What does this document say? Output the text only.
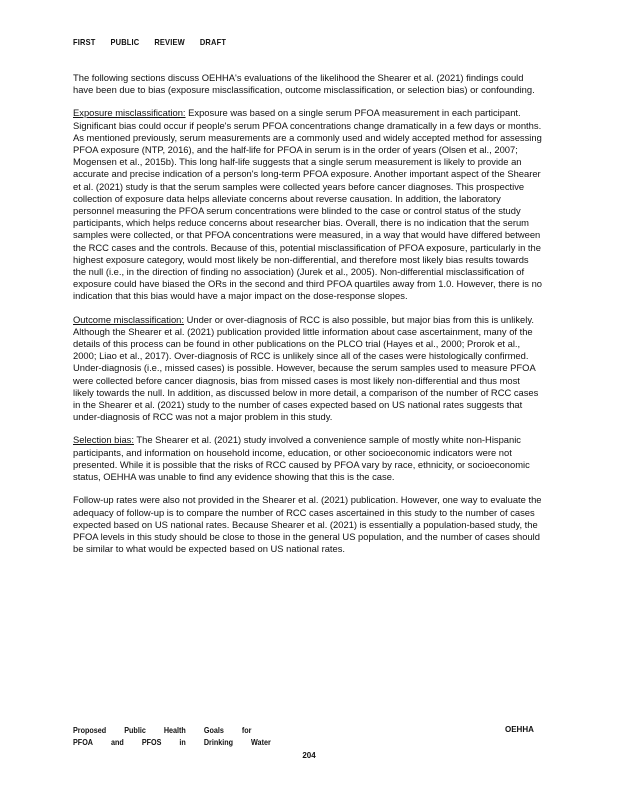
FIRST PUBLIC REVIEW DRAFT

The following sections discuss OEHHA's evaluations of the likelihood the Shearer et al. (2021) findings could have been due to bias (exposure misclassification, outcome misclassification, or selection bias) or confounding.

Exposure misclassification: Exposure was based on a single serum PFOA measurement in each participant. Significant bias could occur if people's serum PFOA concentrations change dramatically in a few days or months. As mentioned previously, serum measurements are a commonly used and widely accepted method for assessing PFOA exposure (NTP, 2016), and the half-life for PFOA in serum is in the order of years (Olsen et al., 2007; Mogensen et al., 2015b). This long half-life suggests that a single serum measurement is likely to provide an accurate and precise indication of a person's long-term PFOA exposure. Another important aspect of the Shearer et al. (2021) study is that the serum samples were collected years before cancer diagnoses. This prospective collection of exposure data helps alleviate concerns about reverse causation. In addition, the laboratory personnel measuring the PFOA serum concentrations were blinded to the case or control status of the study participants, which helps reduce concerns about researcher bias. Overall, there is no indication that the serum samples were collected, or that PFOA concentrations were measured, in a way that would have differed between the RCC cases and the controls. Because of this, potential misclassification of PFOA exposure, particularly in the highest exposure category, would most likely be non-differential, and therefore most likely bias results towards the null (i.e., in the direction of finding no association) (Jurek et al., 2005). Non-differential misclassification of exposure could have biased the ORs in the second and third PFOA quartiles away from 1.0. However, there is no indication that this bias would have a major impact on the dose-response slopes.

Outcome misclassification: Under or over-diagnosis of RCC is also possible, but major bias from this is unlikely. Although the Shearer et al. (2021) publication provided little information about case ascertainment, many of the details of this process can be found in other publications on the PLCO trial (Hayes et al., 2000; Prorok et al., 2000; Liao et al., 2017). Over-diagnosis of RCC is unlikely since all of the cases were histologically confirmed. Under-diagnosis (i.e., missed cases) is possible. However, because the serum samples used to measure PFOA were collected before cancer diagnosis, bias from missed cases is most likely non-differential and thus most likely towards the null. In addition, as discussed below in more detail, a comparison of the number of RCC cases in the Shearer et al. (2021) study to the number of cases expected based on US national rates suggests that under-diagnosis of RCC was not a major problem in this study.

Selection bias: The Shearer et al. (2021) study involved a convenience sample of mostly white non-Hispanic participants, and information on household income, education, or other socioeconomic indicators were not presented. While it is possible that the risks of RCC caused by PFOA vary by race, ethnicity, or socioeconomic status, OEHHA was unable to find any evidence showing that this is the case.

Follow-up rates were also not provided in the Shearer et al. (2021) publication. However, one way to evaluate the adequacy of follow-up is to compare the number of RCC cases ascertained in this study to the number of cases expected based on US national rates. Because Shearer et al. (2021) is essentially a population-based study, the PFOA levels in this study should be close to those in the general US population, and the number of cases should be similar to what would be expected based on US national rates.

Proposed Public Health Goals for
PFOA and PFOS in Drinking Water
OEHHA
204
